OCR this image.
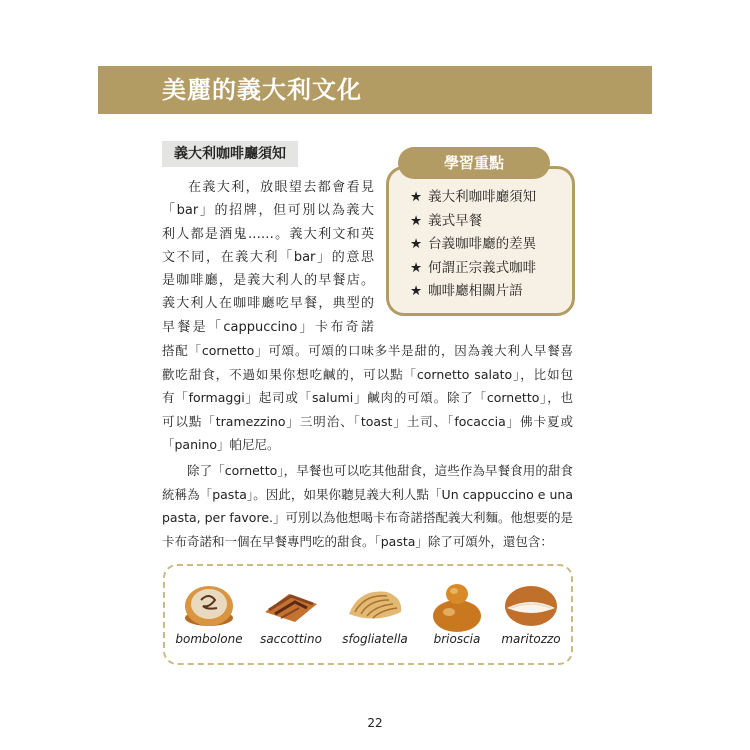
美麗的義大利文化
義大利咖啡廳須知

在義大利，放眼望去都會看見

「bar」的招牌，但可別以為義大
利人都是酒鬼……。義大利文和英
文不同，在義大利「bar」的意思
是咖啡廳，是義大利人的早餐店。
義大利人在咖啡廳吃早餐，典型的
早餐是「cappuccino」卡布奇諾
搭配「cornetto」可頌。可頌的口味多半是甜的，因為義大利人早餐喜
歡吃甜食，不過如果你想吃鹹的，可以點「cornetto salato」，比如包
有「formaggi」起司或「salumi」鹹肉的可頌。除了「cornetto」，也
可以點「tramezzino」三明治、「toast」土司、「focaccia」佛卡夏或
「panino」帕尼尼。

除了「cornetto」，早餐也可以吃其他甜食，這些作為早餐食用的甜食統稱為「pasta」。因此，如果你聽見義大利人點「Un cappuccino e una pasta, per favore.」可別以為他想喝卡布奇諾搭配義大利麵。他想要的是卡布奇諾和一個在早餐專門吃的甜食。「pasta」除了可頌外，還包含：

學習重點
★ 義大利咖啡廳須知
★ 義式早餐
★ 台義咖啡廳的差異
★ 何謂正宗義式咖啡
★ 咖啡廳相關片語
bombolone	saccottino	sfogliatella	brioscia	maritozzo
22
